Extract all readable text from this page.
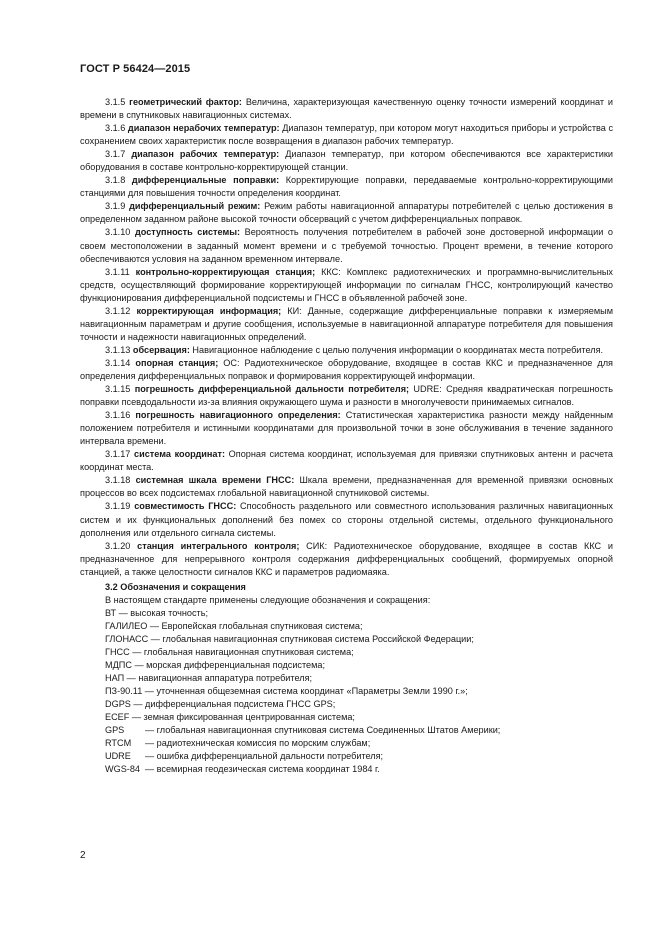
ГОСТ Р 56424—2015

3.1.5 геометрический фактор: Величина, характеризующая качественную оценку точности измерений координат и времени в спутниковых навигационных системах.

3.1.6 диапазон нерабочих температур: Диапазон температур, при котором могут находиться приборы и устройства с сохранением своих характеристик после возвращения в диапазон рабочих температур.

3.1.7 диапазон рабочих температур: Диапазон температур, при котором обеспечиваются все характеристики оборудования в составе контрольно-корректирующей станции.

3.1.8 дифференциальные поправки: Корректирующие поправки, передаваемые контрольно-корректирующими станциями для повышения точности определения координат.

3.1.9 дифференциальный режим: Режим работы навигационной аппаратуры потребителей с целью достижения в определенном заданном районе высокой точности обсерваций с учетом дифференциальных поправок.

3.1.10 доступность системы: Вероятность получения потребителем в рабочей зоне достоверной информации о своем местоположении в заданный момент времени и с требуемой точностью. Процент времени, в течение которого обеспечиваются условия на заданном временном интервале.

3.1.11 контрольно-корректирующая станция; ККС: Комплекс радиотехнических и программно-вычислительных средств, осуществляющий формирование корректирующей информации по сигналам ГНСС, контролирующий качество функционирования дифференциальной подсистемы и ГНСС в объявленной рабочей зоне.

3.1.12 корректирующая информация; КИ: Данные, содержащие дифференциальные поправки к измеряемым навигационным параметрам и другие сообщения, используемые в навигационной аппаратуре потребителя для повышения точности и надежности навигационных определений.

3.1.13 обсервация: Навигационное наблюдение с целью получения информации о координатах места потребителя.

3.1.14 опорная станция; ОС: Радиотехническое оборудование, входящее в состав ККС и предназначенное для определения дифференциальных поправок и формирования корректирующей информации.

3.1.15 погрешность дифференциальной дальности потребителя; UDRE: Средняя квадратическая погрешность поправки псевдодальности из-за влияния окружающего шума и разности в многолучевости принимаемых сигналов.

3.1.16 погрешность навигационного определения: Статистическая характеристика разности между найденным положением потребителя и истинными координатами для произвольной точки в зоне обслуживания в течение заданного интервала времени.

3.1.17 система координат: Опорная система координат, используемая для привязки спутниковых антенн и расчета координат места.

3.1.18 системная шкала времени ГНСС: Шкала времени, предназначенная для временной привязки основных процессов во всех подсистемах глобальной навигационной спутниковой системы.

3.1.19 совместимость ГНСС: Способность раздельного или совместного использования различных навигационных систем и их функциональных дополнений без помех со стороны отдельной системы, отдельного функционального дополнения или отдельного сигнала системы.

3.1.20 станция интегрального контроля; СИК: Радиотехническое оборудование, входящее в состав ККС и предназначенное для непрерывного контроля содержания дифференциальных сообщений, формируемых опорной станцией, а также целостности сигналов ККС и параметров радиомаяка.

3.2 Обозначения и сокращения

В настоящем стандарте применены следующие обозначения и сокращения:

ВТ — высокая точность;
ГАЛИЛЕО — Европейская глобальная спутниковая система;
ГЛОНАСС — глобальная навигационная спутниковая система Российской Федерации;
ГНСС — глобальная навигационная спутниковая система;
МДПС — морская дифференциальная подсистема;
НАП — навигационная аппаратура потребителя;
ПЗ-90.11 — уточненная общеземная система координат «Параметры Земли 1990 г.»;
DGPS — дифференциальная подсистема ГНСС GPS;
ECEF — земная фиксированная центрированная система;
GPS	— глобальная навигационная спутниковая система Соединенных Штатов Америки;
RTCM	— радиотехническая комиссия по морским службам;
UDRE	— ошибка дифференциальной дальности потребителя;
WGS-84 — всемирная геодезическая система координат 1984 г.
2
